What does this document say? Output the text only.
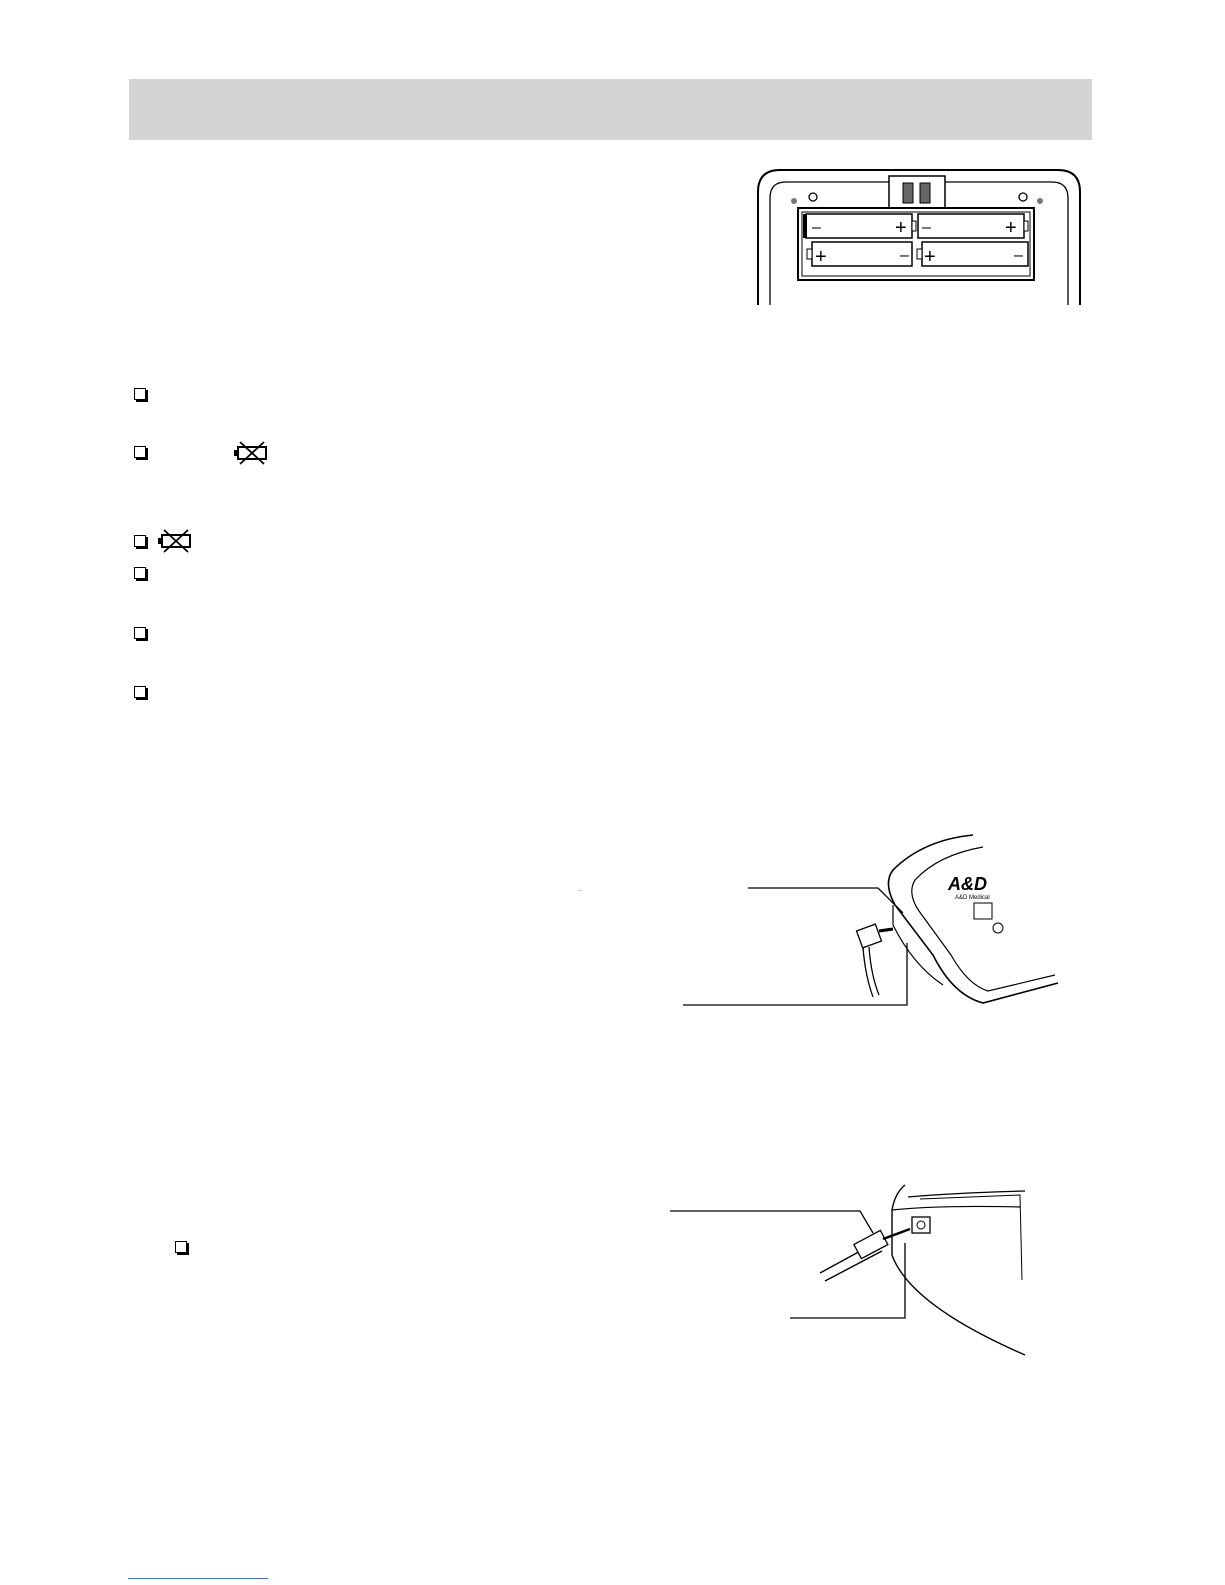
–	+ –	+
+	– +	–
A&D
A&D Medical
